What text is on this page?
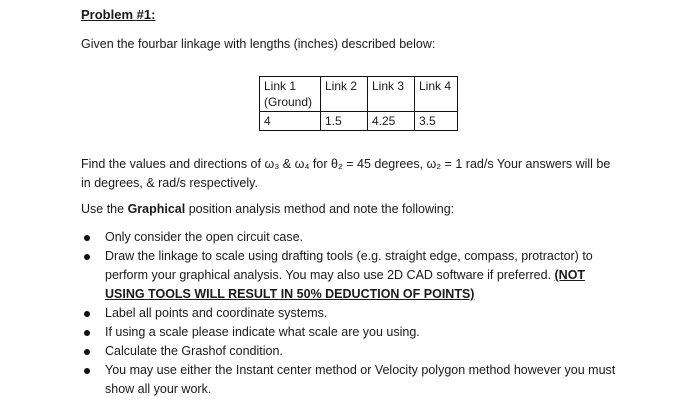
Problem #1:
Given the fourbar linkage with lengths (inches) described below:
Link 1
(Ground)	Link 2	Link 3	Link 4
4	1.5	4.25	3.5
Find the values and directions of ω₃ & ω₄ for θ₂ = 45 degrees, ω₂ = 1 rad/s Your answers will be in degrees, & rad/s respectively.
Use the Graphical position analysis method and note the following:
Only consider the open circuit case.
Draw the linkage to scale using drafting tools (e.g. straight edge, compass, protractor) to perform your graphical analysis. You may also use 2D CAD software if preferred. (NOT USING TOOLS WILL RESULT IN 50% DEDUCTION OF POINTS)
Label all points and coordinate systems.
If using a scale please indicate what scale are you using.
Calculate the Grashof condition.
You may use either the Instant center method or Velocity polygon method however you must show all your work.
